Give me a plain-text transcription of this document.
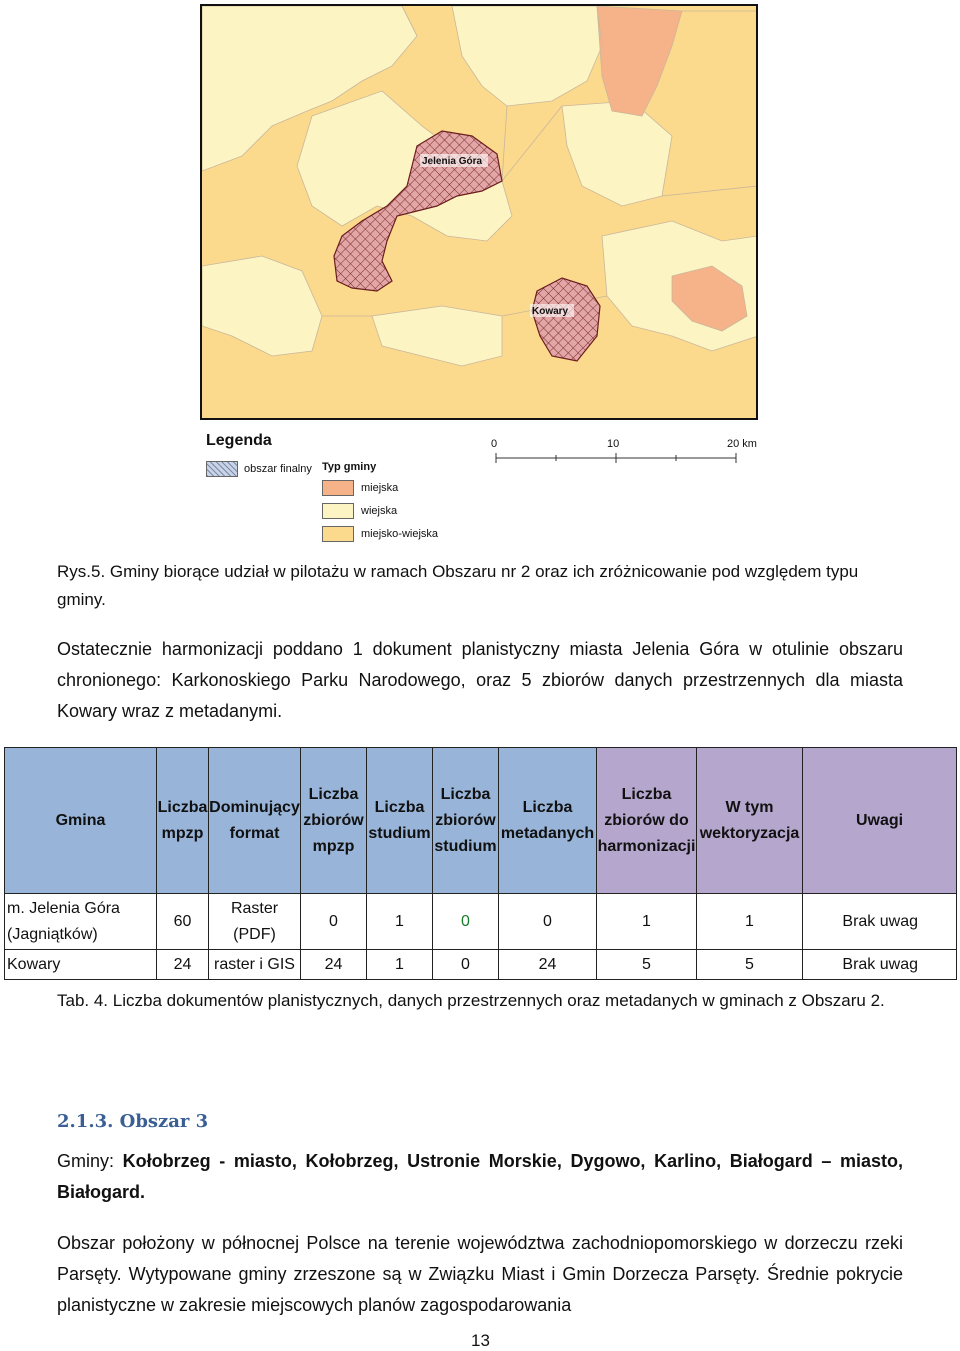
Jelenia Góra
Kowary
Legenda
obszar finalny Typ gminy
miejska
wiejska
miejsko-wiejska
0	10	20 km
Rys.5. Gminy biorące udział w pilotażu w ramach Obszaru nr 2 oraz ich zróżnicowanie pod względem typu gminy.
Ostatecznie harmonizacji poddano 1 dokument planistyczny miasta Jelenia Góra w otulinie obszaru chronionego: Karkonoskiego Parku Narodowego, oraz 5 zbiorów danych przestrzennych dla miasta Kowary wraz z metadanymi.
Gmina	Liczba mpzp	Dominujący format	Liczba zbiorów mpzp	Liczba studium	Liczba zbiorów studium	Liczba metadanych	Liczba zbiorów do harmonizacji	W tym wektoryzacja	Uwagi
m. Jelenia Góra (Jagniątków)	60	Raster (PDF)	0	1	0	0	1	1	Brak uwag
Kowary	24	raster i GIS	24	1	0	24	5	5	Brak uwag
Tab. 4. Liczba dokumentów planistycznych, danych przestrzennych oraz metadanych w gminach z Obszaru 2.
2.1.3. Obszar 3
Gminy: Kołobrzeg - miasto, Kołobrzeg, Ustronie Morskie, Dygowo, Karlino, Białogard – miasto, Białogard.
Obszar położony w północnej Polsce na terenie województwa zachodniopomorskiego w dorzeczu rzeki Parsęty. Wytypowane gminy zrzeszone są w Związku Miast i Gmin Dorzecza Parsęty. Średnie pokrycie planistyczne w zakresie miejscowych planów zagospodarowania
13
